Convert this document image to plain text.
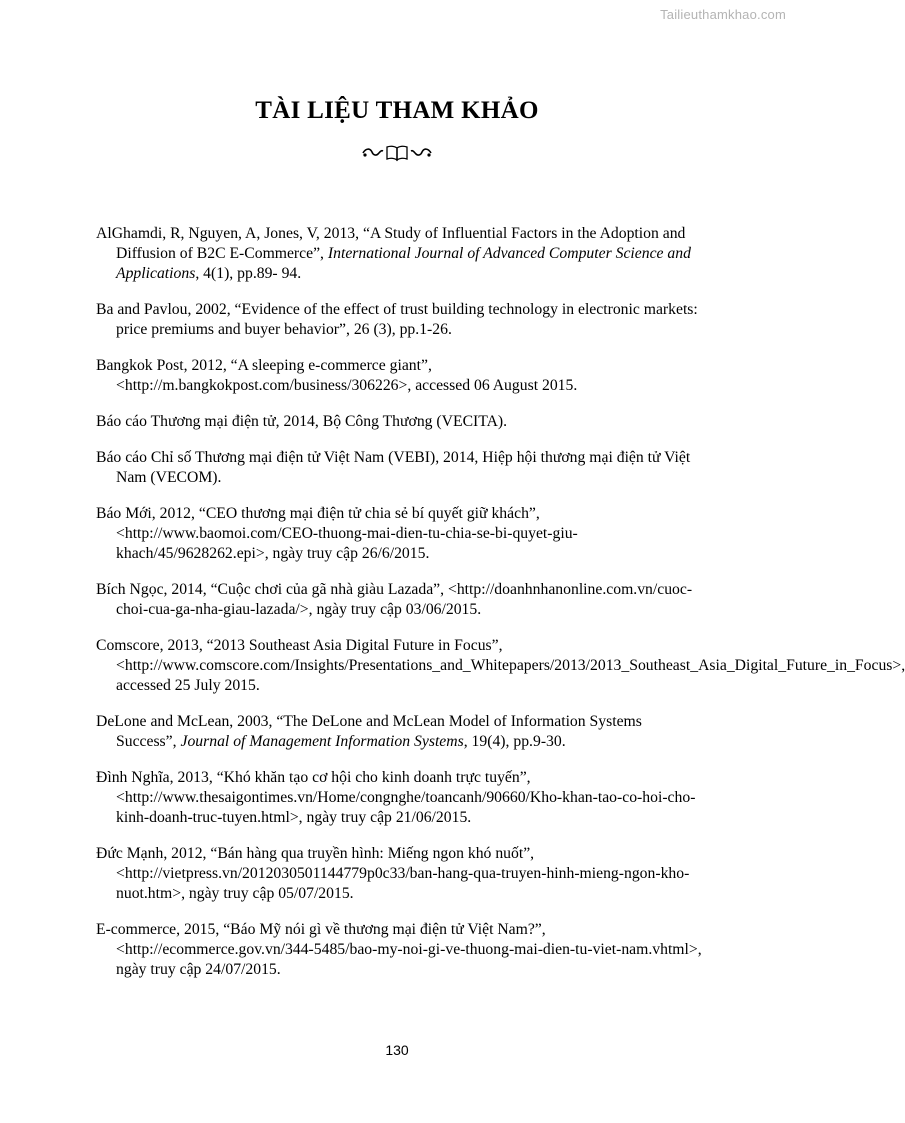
Tailieuthamkhao.com
TÀI LIỆU THAM KHẢO
AlGhamdi, R, Nguyen, A, Jones, V, 2013, “A Study of Influential Factors in the Adoption and Diffusion of B2C E-Commerce”, International Journal of Advanced Computer Science and Applications, 4(1), pp.89- 94.
Ba and Pavlou, 2002, “Evidence of the effect of trust building technology in electronic markets: price premiums and buyer behavior”, 26 (3), pp.1-26.
Bangkok Post, 2012, “A sleeping e-commerce giant”, <http://m.bangkokpost.com/business/306226>, accessed 06 August 2015.
Báo cáo Thương mại điện tử, 2014, Bộ Công Thương (VECITA).
Báo cáo Chỉ số Thương mại điện tử Việt Nam (VEBI), 2014, Hiệp hội thương mại điện tử Việt Nam (VECOM).
Báo Mới, 2012, “CEO thương mại điện tử chia sẻ bí quyết giữ khách”, <http://www.baomoi.com/CEO-thuong-mai-dien-tu-chia-se-bi-quyet-giu-khach/45/9628262.epi>, ngày truy cập 26/6/2015.
Bích Ngọc, 2014, “Cuộc chơi của gã nhà giàu Lazada”, <http://doanhnhanonline.com.vn/cuoc-choi-cua-ga-nha-giau-lazada/>, ngày truy cập 03/06/2015.
Comscore, 2013, “2013 Southeast Asia Digital Future in Focus”, <http://www.comscore.com/Insights/Presentations_and_Whitepapers/2013/2013_Southeast_Asia_Digital_Future_in_Focus>, accessed 25 July 2015.
DeLone and McLean, 2003, “The DeLone and McLean Model of Information Systems Success”, Journal of Management Information Systems, 19(4), pp.9-30.
Đình Nghĩa, 2013, “Khó khăn tạo cơ hội cho kinh doanh trực tuyến”, <http://www.thesaigontimes.vn/Home/congnghe/toancanh/90660/Kho-khan-tao-co-hoi-cho-kinh-doanh-truc-tuyen.html>, ngày truy cập 21/06/2015.
Đức Mạnh, 2012, “Bán hàng qua truyền hình: Miếng ngon khó nuốt”, <http://vietpress.vn/2012030501144779p0c33/ban-hang-qua-truyen-hinh-mieng-ngon-kho-nuot.htm>, ngày truy cập 05/07/2015.
E-commerce, 2015, “Báo Mỹ nói gì về thương mại điện tử Việt Nam?”, <http://ecommerce.gov.vn/344-5485/bao-my-noi-gi-ve-thuong-mai-dien-tu-viet-nam.vhtml>, ngày truy cập 24/07/2015.
130
